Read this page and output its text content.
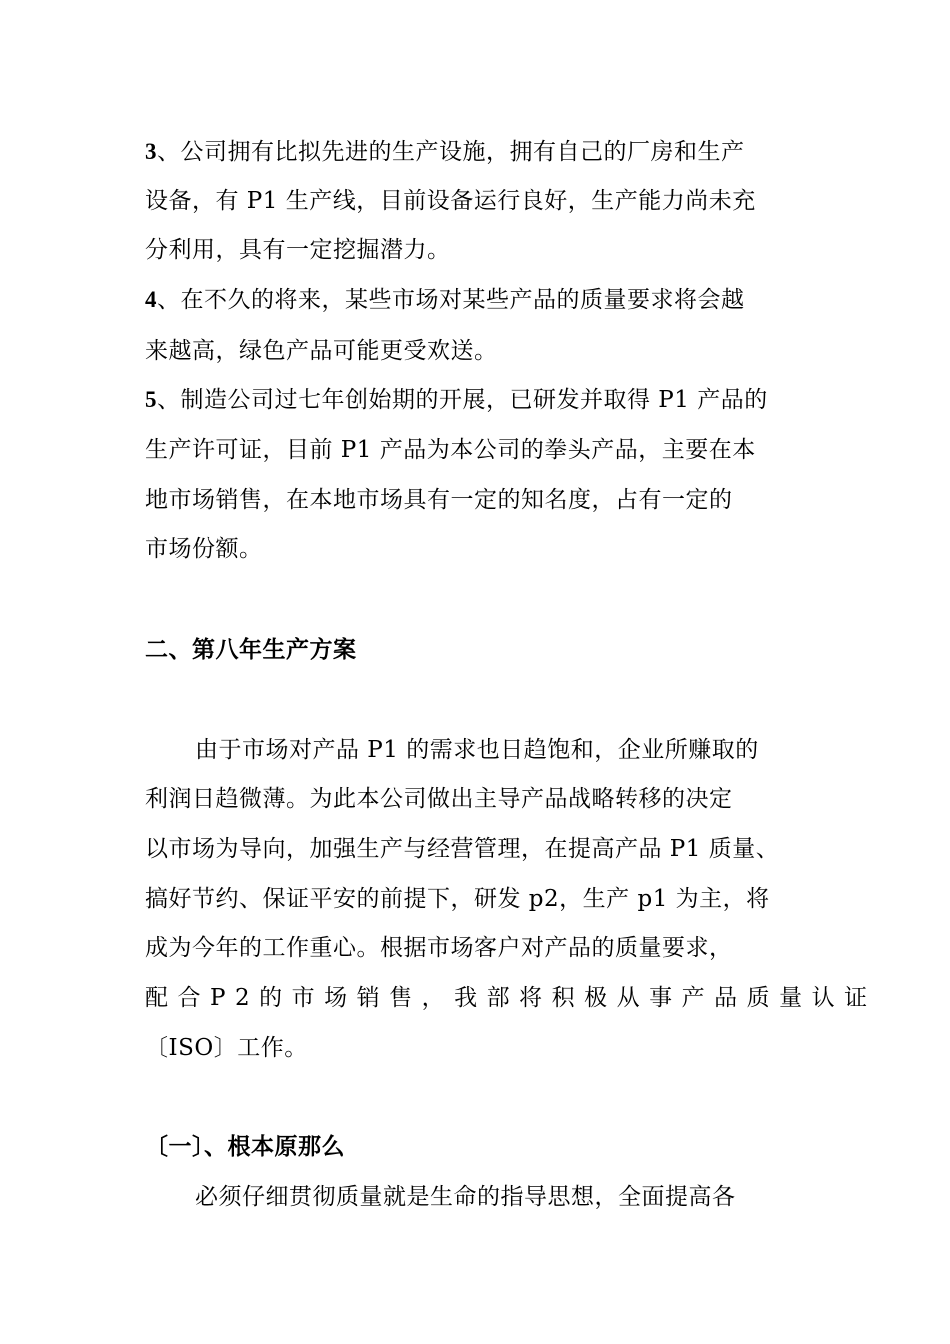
3、公司拥有比拟先进的生产设施，拥有自己的厂房和生产
设备，有 P1 生产线，目前设备运行良好，生产能力尚未充
分利用，具有一定挖掘潜力。
4、在不久的将来，某些市场对某些产品的质量要求将会越
来越高，绿色产品可能更受欢送。
5、制造公司过七年创始期的开展，已研发并取得 P1 产品的
生产许可证，目前 P1 产品为本公司的拳头产品，主要在本
地市场销售，在本地市场具有一定的知名度，占有一定的
市场份额。
二、第八年生产方案
由于市场对产品 P1 的需求也日趋饱和，企业所赚取的
利润日趋微薄。为此本公司做出主导产品战略转移的决定
以市场为导向，加强生产与经营管理，在提高产品 P1 质量、
搞好节约、保证平安的前提下，研发 p2，生产 p1 为主，将
成为今年的工作重心。根据市场客户对产品的质量要求，
配合P2的市场销售，我部将积极从事产品质量认证
〔ISO〕工作。
〔一〕、根本原那么
必须仔细贯彻质量就是生命的指导思想，全面提高各
